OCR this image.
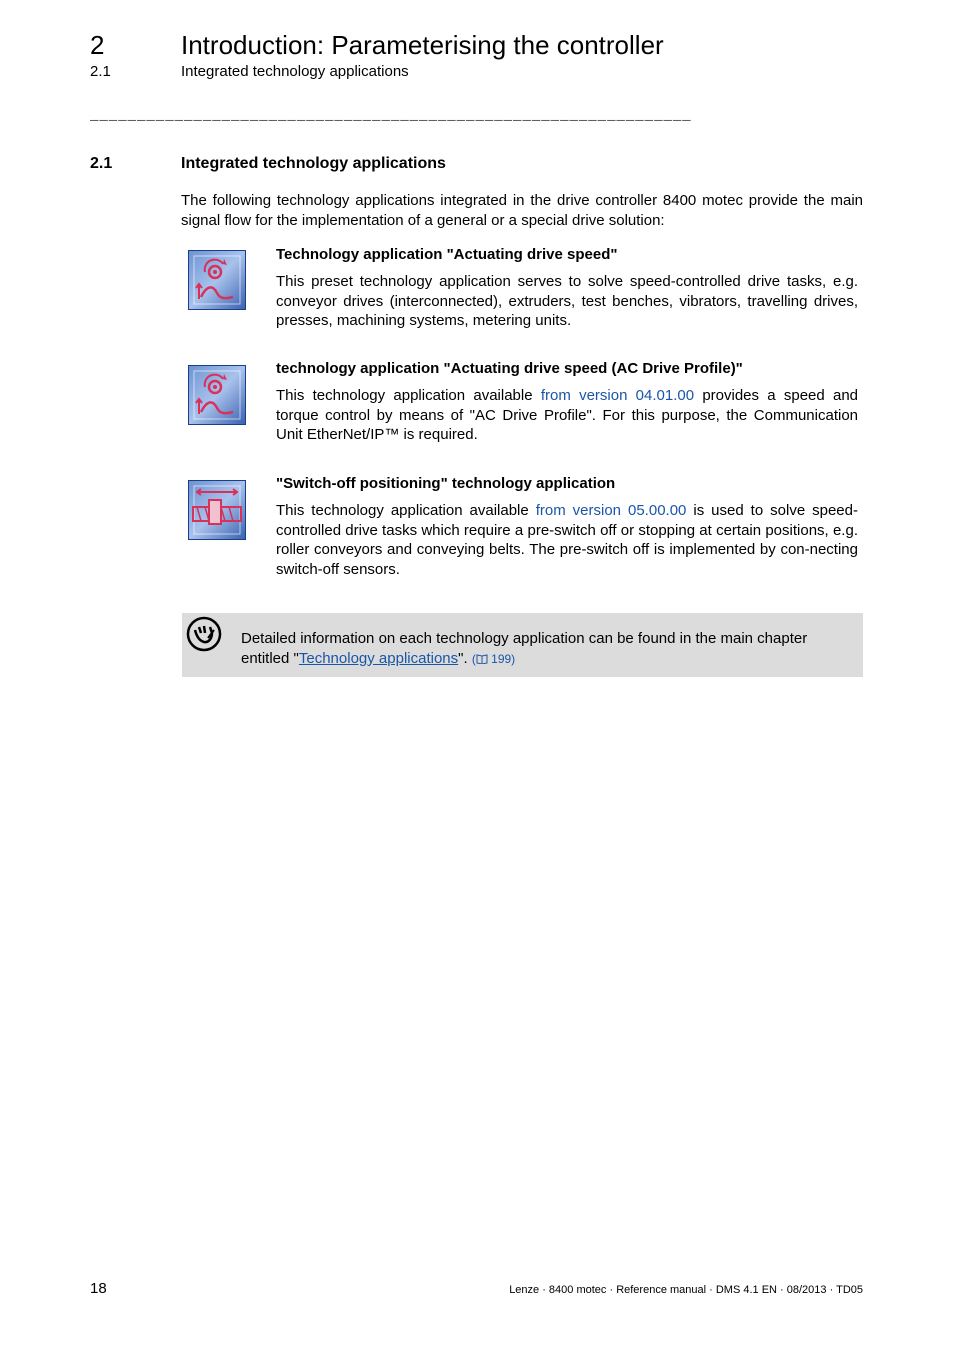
2	Introduction: Parameterising the controller
2.1	Integrated technology applications
________________________________________________________________
2.1	Integrated technology applications
The following technology applications integrated in the drive controller 8400 motec provide the main signal flow for the implementation of a general or a special drive solution:
Technology application "Actuating drive speed"
This preset technology application serves to solve speed-controlled drive tasks, e.g. conveyor drives (interconnected), extruders, test benches, vibrators, travelling drives, presses, machining systems, metering units.
technology application "Actuating drive speed (AC Drive Profile)"
This technology application available from version 04.01.00 provides a speed and torque control by means of "AC Drive Profile". For this purpose, the Communication Unit EtherNet/IP™ is required.
"Switch-off positioning" technology application
This technology application available from version 05.00.00 is used to solve speed-controlled drive tasks which require a pre-switch off or stopping at certain positions, e.g. roller conveyors and conveying belts. The pre-switch off is implemented by con-necting switch-off sensors.
Detailed information on each technology application can be found in the main chapter entitled "Technology applications". ( 199)
18	Lenze · 8400 motec · Reference manual · DMS 4.1 EN · 08/2013 · TD05
